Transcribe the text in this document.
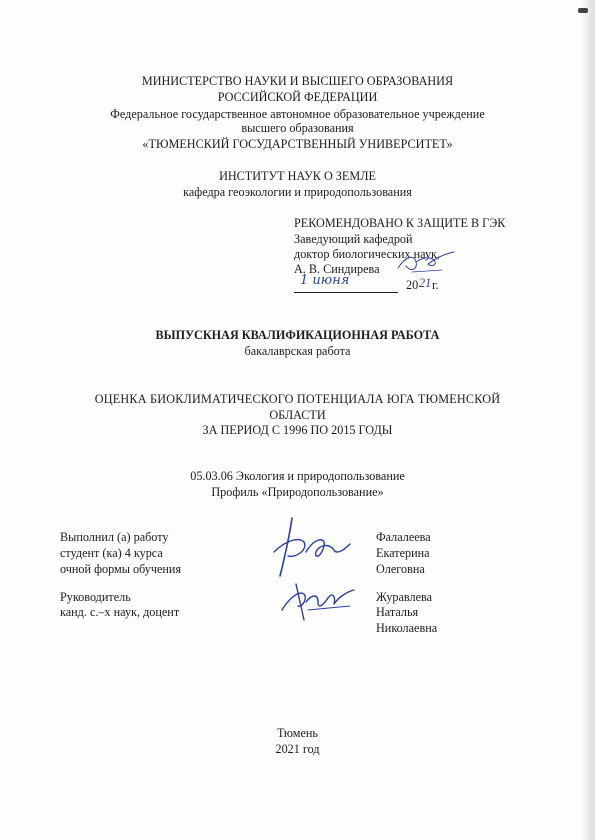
МИНИСТЕРСТВО НАУКИ И ВЫСШЕГО ОБРАЗОВАНИЯ
РОССИЙСКОЙ ФЕДЕРАЦИИ
Федеральное государственное автономное образовательное учреждение
высшего образования
«ТЮМЕНСКИЙ ГОСУДАРСТВЕННЫЙ УНИВЕРСИТЕТ»
ИНСТИТУТ НАУК О ЗЕМЛЕ
кафедра геоэкологии и природопользования
РЕКОМЕНДОВАНО К ЗАЩИТЕ В ГЭК
Заведующий кафедрой
доктор биологических наук,
А. В. Синдирева
1 июня	20 21 г.
ВЫПУСКНАЯ КВАЛИФИКАЦИОННАЯ РАБОТА
бакалаврская работа
ОЦЕНКА БИОКЛИМАТИЧЕСКОГО ПОТЕНЦИАЛА ЮГА ТЮМЕНСКОЙ
ОБЛАСТИ
ЗА ПЕРИОД С 1996 ПО 2015 ГОДЫ
05.03.06 Экология и природопользование
Профиль «Природопользование»
Выполнил (а) работу
студент (ка) 4 курса
очной формы обучения
Фалалеева
Екатерина
Олеговна
Руководитель
канд. с.–х наук, доцент
Журавлева
Наталья
Николаевна
Тюмень
2021 год
